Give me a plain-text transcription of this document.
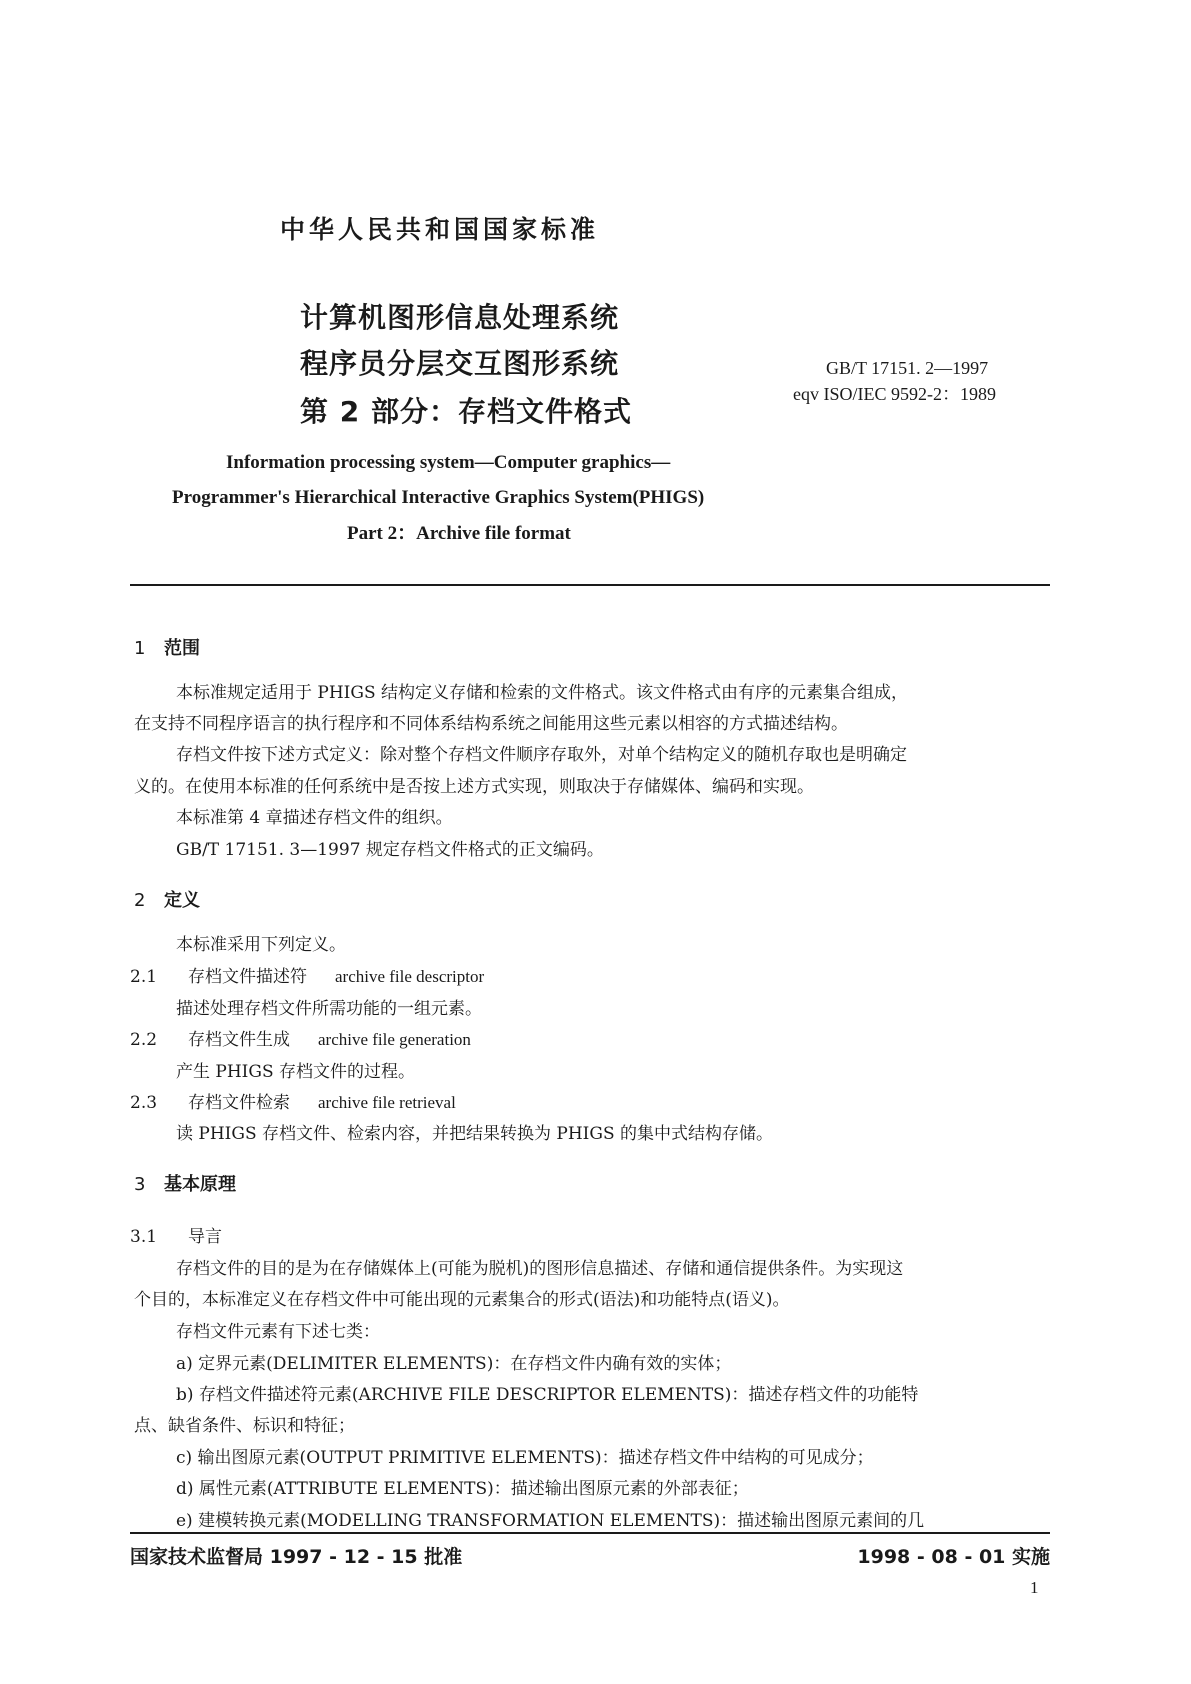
中华人民共和国国家标准
计算机图形信息处理系统
程序员分层交互图形系统
第 2 部分：存档文件格式
GB/T 17151. 2—1997
eqv ISO/IEC 9592-2：1989
Information processing system—Computer graphics—
Programmer's Hierarchical Interactive Graphics System(PHIGS)
Part 2：Archive file format
1 范围
本标准规定适用于 PHIGS 结构定义存储和检索的文件格式。该文件格式由有序的元素集合组成，
在支持不同程序语言的执行程序和不同体系结构系统之间能用这些元素以相容的方式描述结构。
存档文件按下述方式定义：除对整个存档文件顺序存取外，对单个结构定义的随机存取也是明确定
义的。在使用本标准的任何系统中是否按上述方式实现，则取决于存储媒体、编码和实现。
本标准第 4 章描述存档文件的组织。
GB/T 17151. 3—1997 规定存档文件格式的正文编码。
2 定义
本标准采用下列定义。
2.1 存档文件描述符 archive file descriptor
描述处理存档文件所需功能的一组元素。
2.2 存档文件生成 archive file generation
产生 PHIGS 存档文件的过程。
2.3 存档文件检索 archive file retrieval
读 PHIGS 存档文件、检索内容，并把结果转换为 PHIGS 的集中式结构存储。
3 基本原理
3.1 导言
存档文件的目的是为在存储媒体上(可能为脱机)的图形信息描述、存储和通信提供条件。为实现这
个目的，本标准定义在存档文件中可能出现的元素集合的形式(语法)和功能特点(语义)。
存档文件元素有下述七类：
a) 定界元素(DELIMITER ELEMENTS)：在存档文件内确有效的实体；
b) 存档文件描述符元素(ARCHIVE FILE DESCRIPTOR ELEMENTS)：描述存档文件的功能特
点、缺省条件、标识和特征；
c) 输出图原元素(OUTPUT PRIMITIVE ELEMENTS)：描述存档文件中结构的可见成分；
d) 属性元素(ATTRIBUTE ELEMENTS)：描述输出图原元素的外部表征；
e) 建模转换元素(MODELLING TRANSFORMATION ELEMENTS)：描述输出图原元素间的几
国家技术监督局 1997 - 12 - 15 批准	1998 - 08 - 01 实施
1
